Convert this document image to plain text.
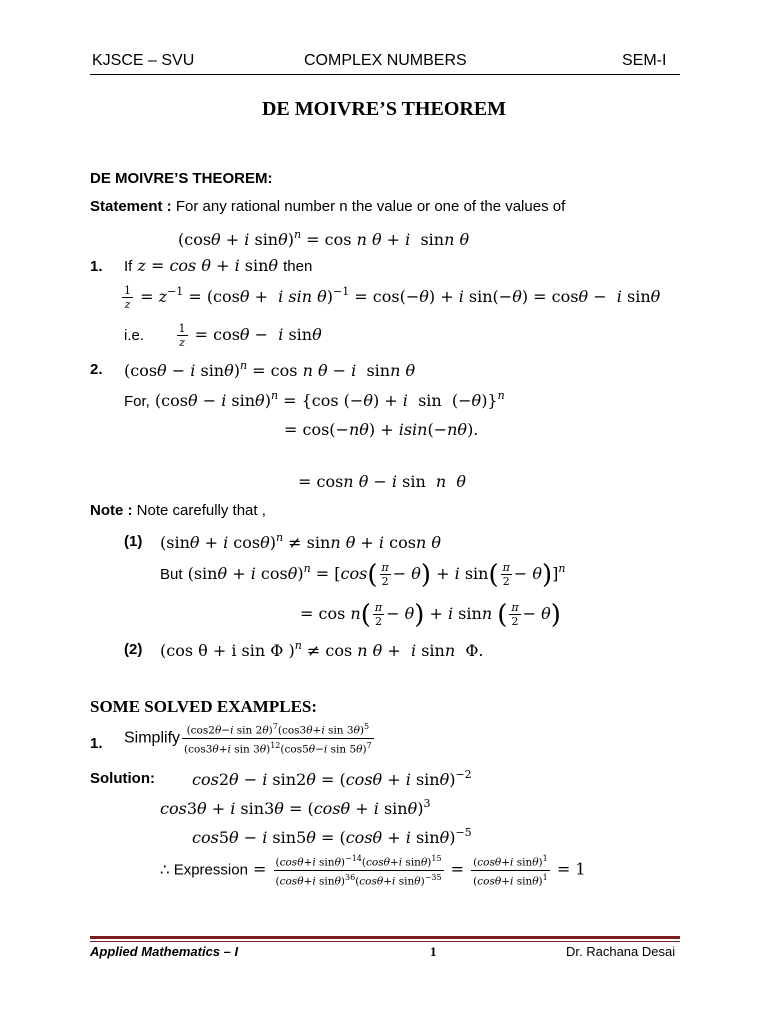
KJSCE – SVU	COMPLEX NUMBERS	SEM-I
DE MOIVRE’S THEOREM
DE MOIVRE’S THEOREM:
Statement : For any rational number n the value or one of the values of
(cosθ + i sinθ)$^n$ = cos n θ + i  sinn θ
1. If z = cos θ + i sinθ then
$\frac{1}{z} = z^{-1} = (\cos\theta + i$ sin θ)$^{-1}$ = cos(−θ) + i sin(−θ) = cosθ −  i sinθ
i.e.	$\frac{1}{z} = \cos\theta - i$ sinθ
2. (cosθ − i sinθ)$^n$ = cos n θ − i  sinn θ
For, (cosθ − i sinθ)$^n$ = {cos (−θ) + i  sin  (−θ)}$^n$
= cos(−nθ) + isin(−nθ).
= cosn θ − i sin  n  θ
Note : Note carefully that ,
(1) (sinθ + i cosθ)$^n$ ≠ sinn θ + i cosn θ
But (sinθ + i $\cos\theta)^n = [\cos( \frac{\pi}{2} - \theta) + i$ $\sin( \frac{\pi}{2} - \theta)]^n$
= $\cos n( \frac{\pi}{2} - \theta) + i$ sinn ( $\frac{\pi}{2} - \theta$)
(2) (cos θ + i sin Φ )$^n$ ≠ cos n θ +  i sinn  Φ.
SOME SOLVED EXAMPLES:
1. Simplify $\frac{(\cos 2\theta-i \sin 2\theta)^7(\cos 3\theta+i \sin 3\theta)^5}{(\cos 3\theta+i \sin 3\theta)^{12}(\cos 5\theta-i \sin 5\theta)^7}$
Solution: cos2θ − i sin2θ = (cosθ + i sinθ)$^{-2}$
cos3θ + i sin3θ = (cosθ + i sinθ)$^3$
cos5θ − i sin5θ = (cosθ + i sinθ)$^{-5}$
∴ Expression = $\frac{(\cos\theta+i \sin\theta)^{-14}(\cos\theta+i \sin\theta)^{15}}{(\cos\theta+i \sin\theta)^{36}(\cos\theta+i \sin\theta)^{-35}} = \frac{(\cos\theta+i \sin\theta)^1}{(\cos\theta+i \sin\theta)^1} = 1$
Applied Mathematics – I	1	Dr. Rachana Desai
